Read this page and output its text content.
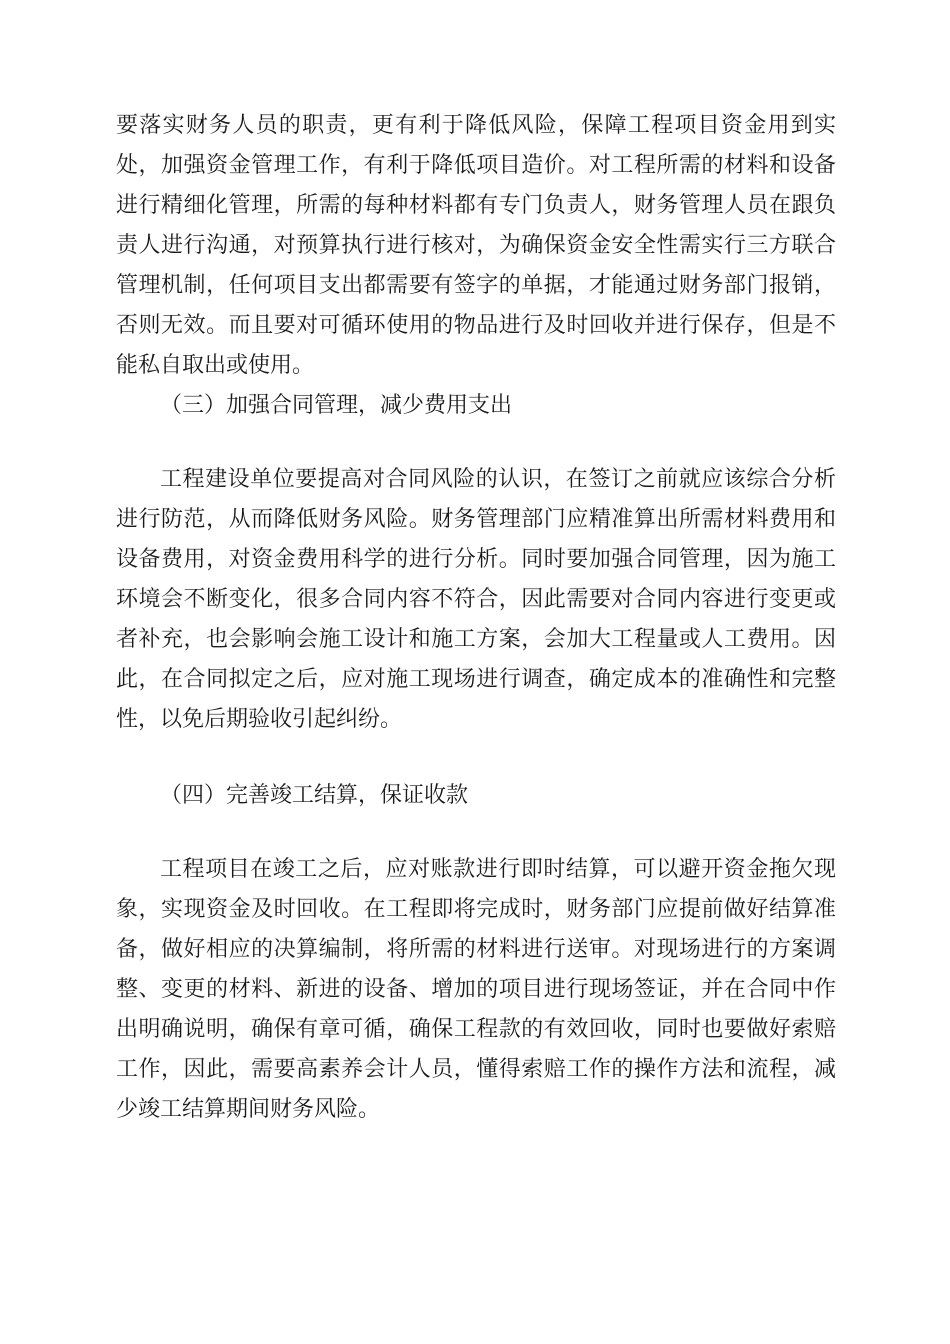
要落实财务人员的职责，更有利于降低风险，保障工程项目资金用到实处，加强资金管理工作，有利于降低项目造价。对工程所需的材料和设备进行精细化管理，所需的每种材料都有专门负责人，财务管理人员在跟负责人进行沟通，对预算执行进行核对，为确保资金安全性需实行三方联合管理机制，任何项目支出都需要有签字的单据，才能通过财务部门报销，否则无效。而且要对可循环使用的物品进行及时回收并进行保存，但是不能私自取出或使用。

（三）加强合同管理，减少费用支出

工程建设单位要提高对合同风险的认识，在签订之前就应该综合分析进行防范，从而降低财务风险。财务管理部门应精准算出所需材料费用和设备费用，对资金费用科学的进行分析。同时要加强合同管理，因为施工环境会不断变化，很多合同内容不符合，因此需要对合同内容进行变更或者补充，也会影响会施工设计和施工方案，会加大工程量或人工费用。因此，在合同拟定之后，应对施工现场进行调查，确定成本的准确性和完整性，以免后期验收引起纠纷。

（四）完善竣工结算，保证收款

工程项目在竣工之后，应对账款进行即时结算，可以避开资金拖欠现象，实现资金及时回收。在工程即将完成时，财务部门应提前做好结算准备，做好相应的决算编制，将所需的材料进行送审。对现场进行的方案调整、变更的材料、新进的设备、增加的项目进行现场签证，并在合同中作出明确说明，确保有章可循，确保工程款的有效回收，同时也要做好索赔工作，因此，需要高素养会计人员，懂得索赔工作的操作方法和流程，减少竣工结算期间财务风险。
